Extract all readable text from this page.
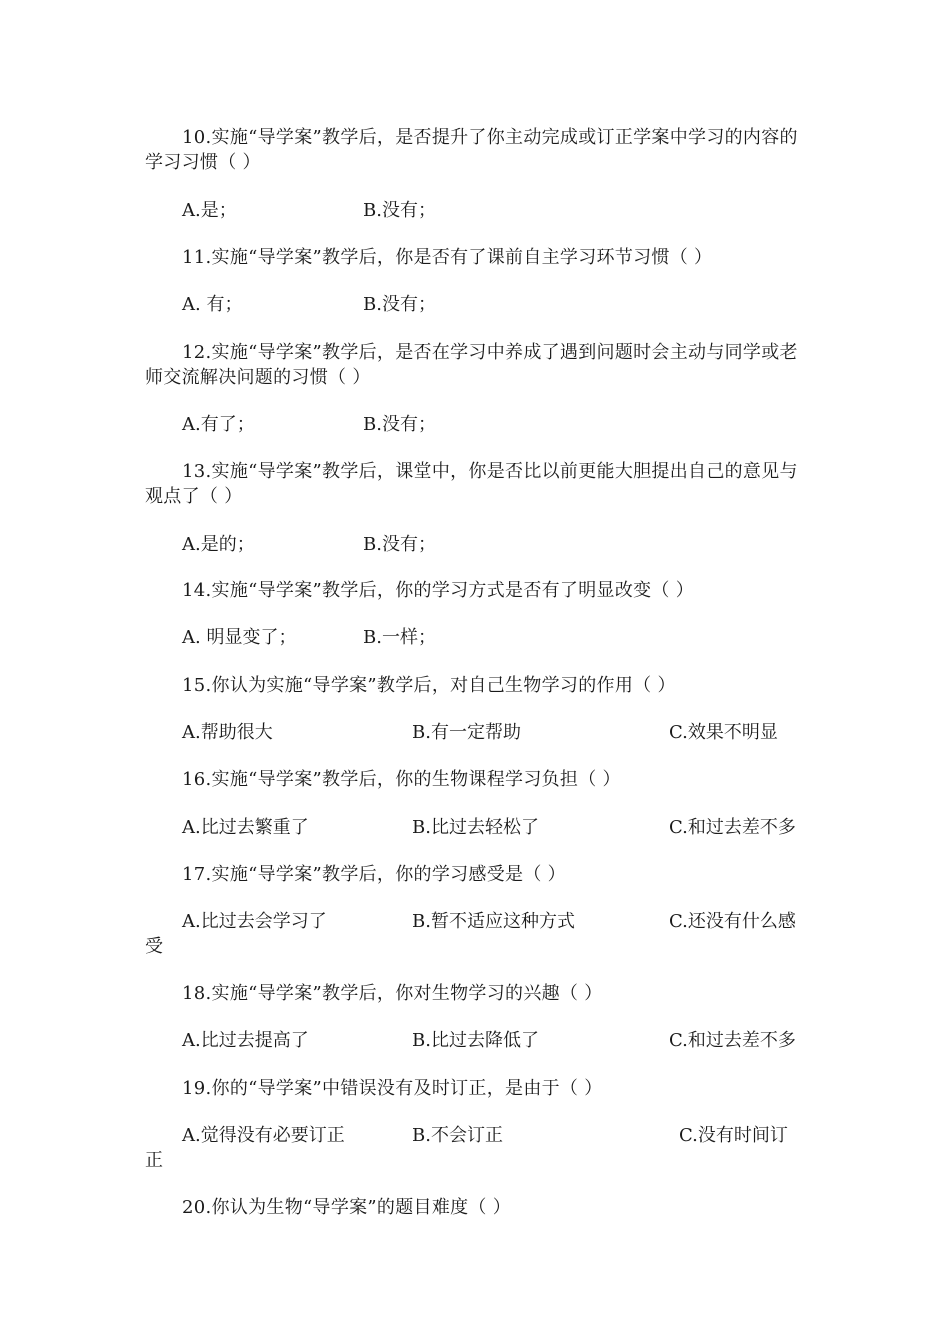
10.实施“导学案”教学后，是否提升了你主动完成或订正学案中学习的内容的学习习惯（ ）
A.是；	B.没有；
11.实施“导学案”教学后，你是否有了课前自主学习环节习惯（ ）
A. 有；	B.没有；
12.实施“导学案”教学后，是否在学习中养成了遇到问题时会主动与同学或老师交流解决问题的习惯（ ）
A.有了；	B.没有；
13.实施“导学案”教学后，课堂中，你是否比以前更能大胆提出自己的意见与观点了（ ）
A.是的；	B.没有；
14.实施“导学案”教学后，你的学习方式是否有了明显改变（ ）
A. 明显变了；	B.一样；
15.你认为实施“导学案”教学后，对自己生物学习的作用（ ）
A.帮助很大	B.有一定帮助	C.效果不明显
16.实施“导学案”教学后，你的生物课程学习负担（ ）
A.比过去繁重了	B.比过去轻松了	C.和过去差不多
17.实施“导学案”教学后，你的学习感受是（ ）
A.比过去会学习了	B.暂不适应这种方式	C.还没有什么感
受
18.实施“导学案”教学后，你对生物学习的兴趣（ ）
A.比过去提高了	B.比过去降低了	C.和过去差不多
19.你的“导学案”中错误没有及时订正，是由于（ ）
A.觉得没有必要订正	B.不会订正	C.没有时间订
正
20.你认为生物“导学案”的题目难度（ ）
